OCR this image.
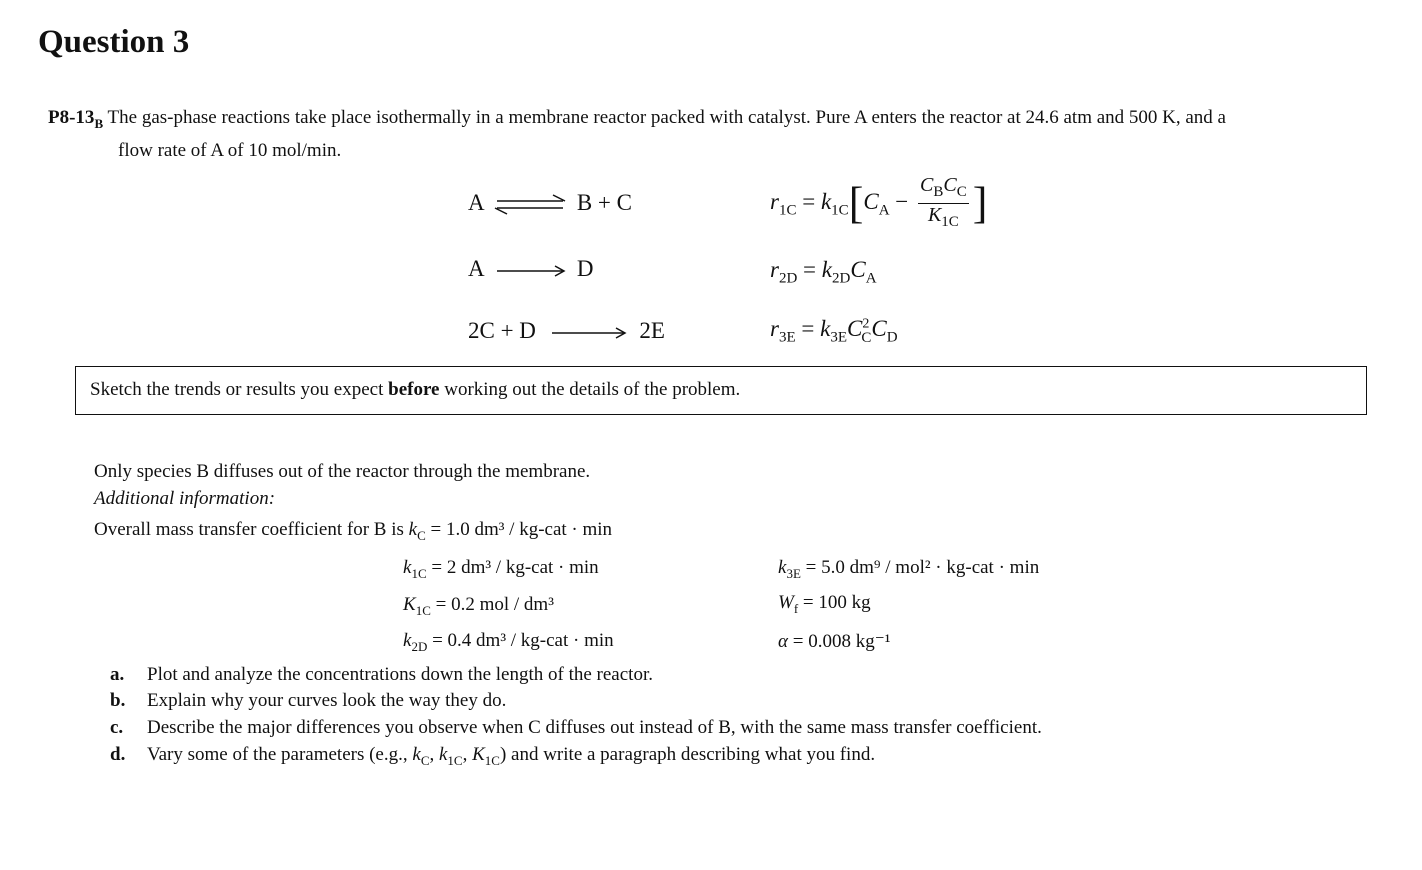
Question 3
$P8-13_B$ The gas-phase reactions take place isothermally in a membrane reactor packed with catalyst. Pure A enters the reactor at 24.6 atm and 500 K, and a
flow rate of A of 10 mol/min.
A ⇌ B + C
A	D
2C + D	2E
$r_{1C} = k_{1C}[C_A - \frac{C_BC_C}{K_{1C}}$ ]
$r_{2D} = k_{2D}C_A$
$r_{3E} = k_{3E}C^2_CC_D$
Sketch the trends or results you expect before working out the details of the problem.
Only species B diffuses out of the reactor through the membrane.
Additional information:
Overall mass transfer coefficient for B is $k_C = 1.0$ dm³ / kg-cat · min
$k_{1C} = 2$ dm³ / kg-cat · min
$K_{1C} = 0.2$ mol / dm³
$k_{2D} = 0.4$ dm³ / kg-cat · min
$k_{3E} = 5.0$ dm⁹ / mol² · kg-cat · min
$W_f = 100$ kg
α = 0.008 kg⁻¹
a. Plot and analyze the concentrations down the length of the reactor.
b. Explain why your curves look the way they do.
c. Describe the major differences you observe when C diffuses out instead of B, with the same mass transfer coefficient.
d. Vary some of the parameters (e.g., $k_C$, $k_{1C}$, $K_{1C}$) and write a paragraph describing what you find.
